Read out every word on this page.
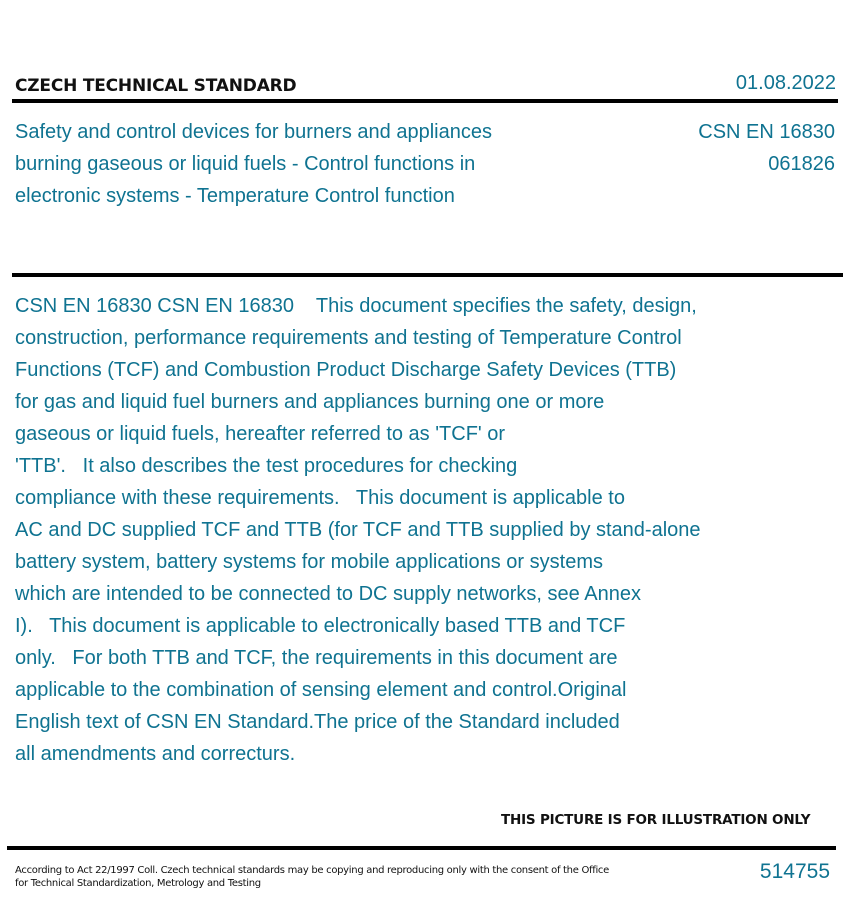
CZECH TECHNICAL STANDARD	01.08.2022
Safety and control devices for burners and appliances
burning gaseous or liquid fuels - Control functions in
electronic systems - Temperature Control function
CSN EN 16830
061826
CSN EN 16830 CSN EN 16830    This document specifies the safety, design,
construction, performance requirements and testing of Temperature Control
Functions (TCF) and Combustion Product Discharge Safety Devices (TTB)
for gas and liquid fuel burners and appliances burning one or more
gaseous or liquid fuels, hereafter referred to as 'TCF' or
'TTB'.   It also describes the test procedures for checking
compliance with these requirements.   This document is applicable to
AC and DC supplied TCF and TTB (for TCF and TTB supplied by stand-alone
battery system, battery systems for mobile applications or systems
which are intended to be connected to DC supply networks, see Annex
I).   This document is applicable to electronically based TTB and TCF
only.   For both TTB and TCF, the requirements in this document are
applicable to the combination of sensing element and control.Original
English text of CSN EN Standard.The price of the Standard included
all amendments and correcturs.
THIS PICTURE IS FOR ILLUSTRATION ONLY
According to Act 22/1997 Coll. Czech technical standards may be copying and reproducing only with the consent of the Office
for Technical Standardization, Metrology and Testing
514755
